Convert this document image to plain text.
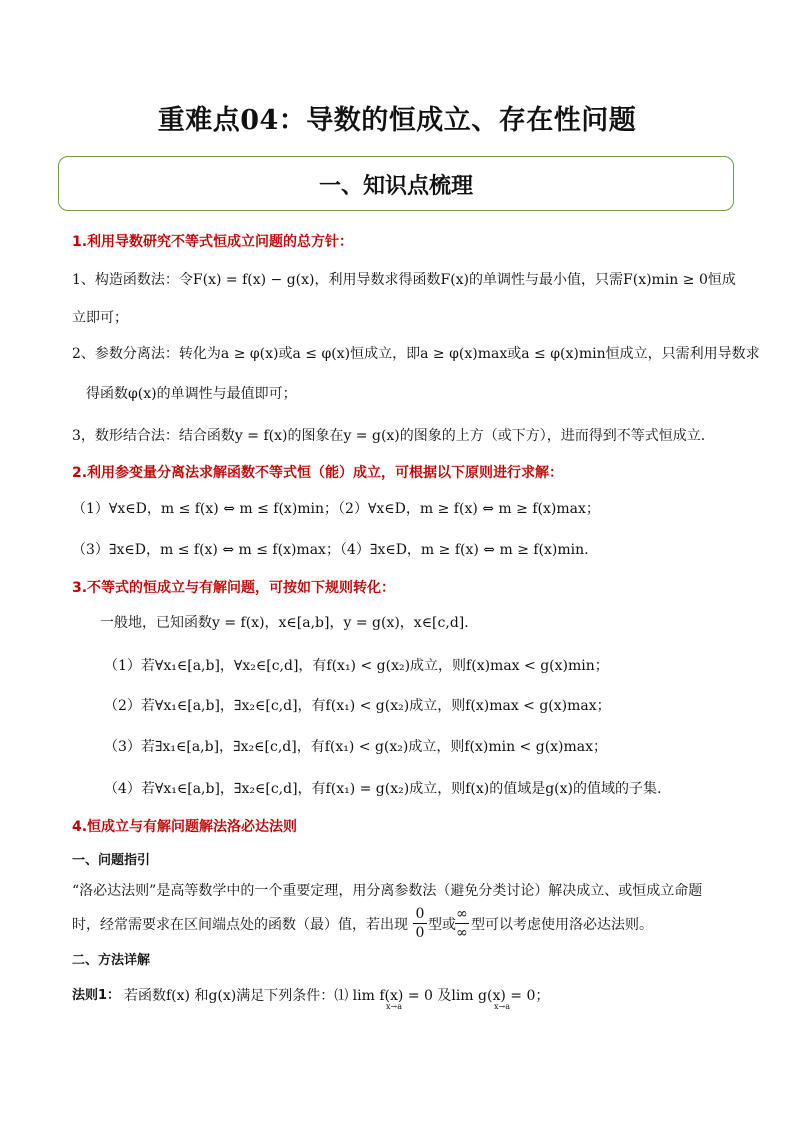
重难点04：导数的恒成立、存在性问题
一、知识点梳理
1.利用导数研究不等式恒成立问题的总方针：
1、构造函数法：令F(x) = f(x) − g(x)，利用导数求得函数F(x)的单调性与最小值，只需F(x)min ≥ 0恒成
立即可；
2、参数分离法：转化为a ≥ φ(x)或a ≤ φ(x)恒成立，即a ≥ φ(x)max或a ≤ φ(x)min恒成立，只需利用导数求
得函数φ(x)的单调性与最值即可；
3，数形结合法：结合函数y = f(x)的图象在y = g(x)的图象的上方（或下方），进而得到不等式恒成立.
2.利用参变量分离法求解函数不等式恒（能）成立，可根据以下原则进行求解：
（1）∀x∈D，m ≤ f(x) ⇔ m ≤ f(x)min；（2）∀x∈D，m ≥ f(x) ⇔ m ≥ f(x)max；
（3）∃x∈D，m ≤ f(x) ⇔ m ≤ f(x)max；（4）∃x∈D，m ≥ f(x) ⇔ m ≥ f(x)min.
3.不等式的恒成立与有解问题，可按如下规则转化：
一般地，已知函数y = f(x)，x∈[a,b]，y = g(x)，x∈[c,d].
（1）若∀x₁∈[a,b]，∀x₂∈[c,d]，有f(x₁) < g(x₂)成立，则f(x)max < g(x)min；
（2）若∀x₁∈[a,b]，∃x₂∈[c,d]，有f(x₁) < g(x₂)成立，则f(x)max < g(x)max；
（3）若∃x₁∈[a,b]，∃x₂∈[c,d]，有f(x₁) < g(x₂)成立，则f(x)min < g(x)max；
（4）若∀x₁∈[a,b]，∃x₂∈[c,d]，有f(x₁) = g(x₂)成立，则f(x)的值域是g(x)的值域的子集.
4.恒成立与有解问题解法洛必达法则
一、问题指引
“洛必达法则”是高等数学中的一个重要定理，用分离参数法（避免分类讨论）解决成立、或恒成立命题
时，经常需要求在区间端点处的函数（最）值，若出现
0
0 型或
∞
∞ 型可以考虑使用洛必达法则。
二、方法详解
法则1： 若函数f(x) 和g(x)满足下列条件：⑴ lim f(x) = 0 及lim g(x) = 0；
x→a	x→a
